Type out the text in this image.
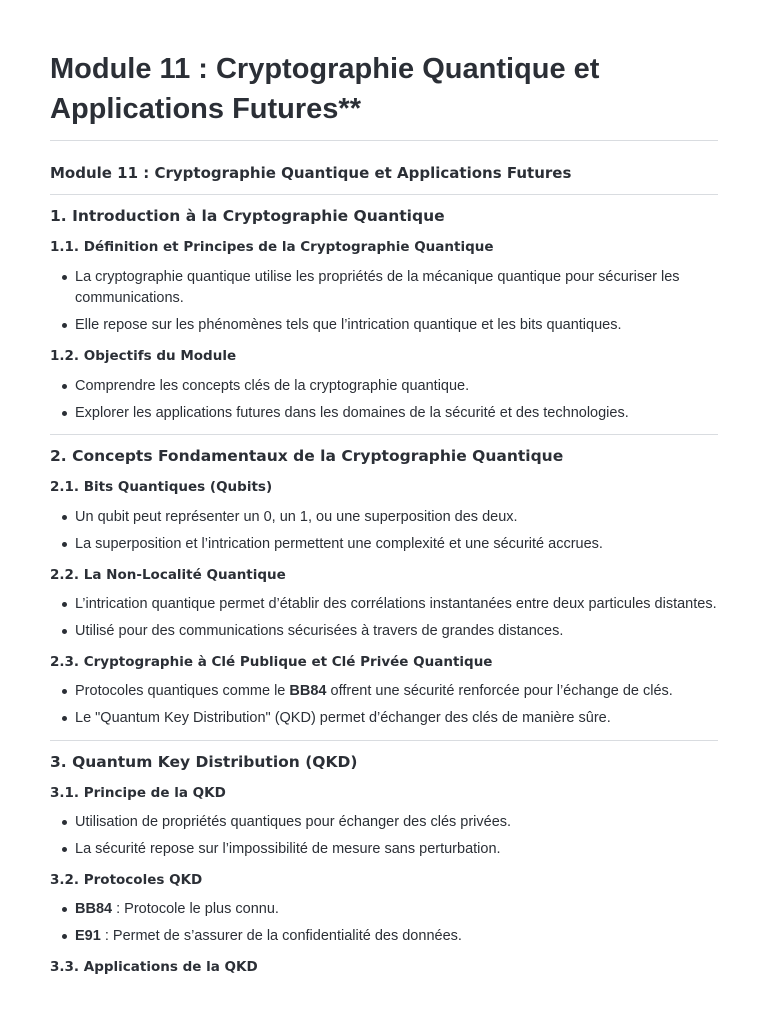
Module 11 : Cryptographie Quantique et Applications Futures**
Module 11 : Cryptographie Quantique et Applications Futures
1. Introduction à la Cryptographie Quantique
1.1. Définition et Principes de la Cryptographie Quantique
La cryptographie quantique utilise les propriétés de la mécanique quantique pour sécuriser les communications.
Elle repose sur les phénomènes tels que l’intrication quantique et les bits quantiques.
1.2. Objectifs du Module
Comprendre les concepts clés de la cryptographie quantique.
Explorer les applications futures dans les domaines de la sécurité et des technologies.
2. Concepts Fondamentaux de la Cryptographie Quantique
2.1. Bits Quantiques (Qubits)
Un qubit peut représenter un 0, un 1, ou une superposition des deux.
La superposition et l’intrication permettent une complexité et une sécurité accrues.
2.2. La Non-Localité Quantique
L’intrication quantique permet d’établir des corrélations instantanées entre deux particules distantes.
Utilisé pour des communications sécurisées à travers de grandes distances.
2.3. Cryptographie à Clé Publique et Clé Privée Quantique
Protocoles quantiques comme le BB84 offrent une sécurité renforcée pour l’échange de clés.
Le "Quantum Key Distribution" (QKD) permet d’échanger des clés de manière sûre.
3. Quantum Key Distribution (QKD)
3.1. Principe de la QKD
Utilisation de propriétés quantiques pour échanger des clés privées.
La sécurité repose sur l’impossibilité de mesure sans perturbation.
3.2. Protocoles QKD
BB84 : Protocole le plus connu.
E91 : Permet de s’assurer de la confidentialité des données.
3.3. Applications de la QKD
